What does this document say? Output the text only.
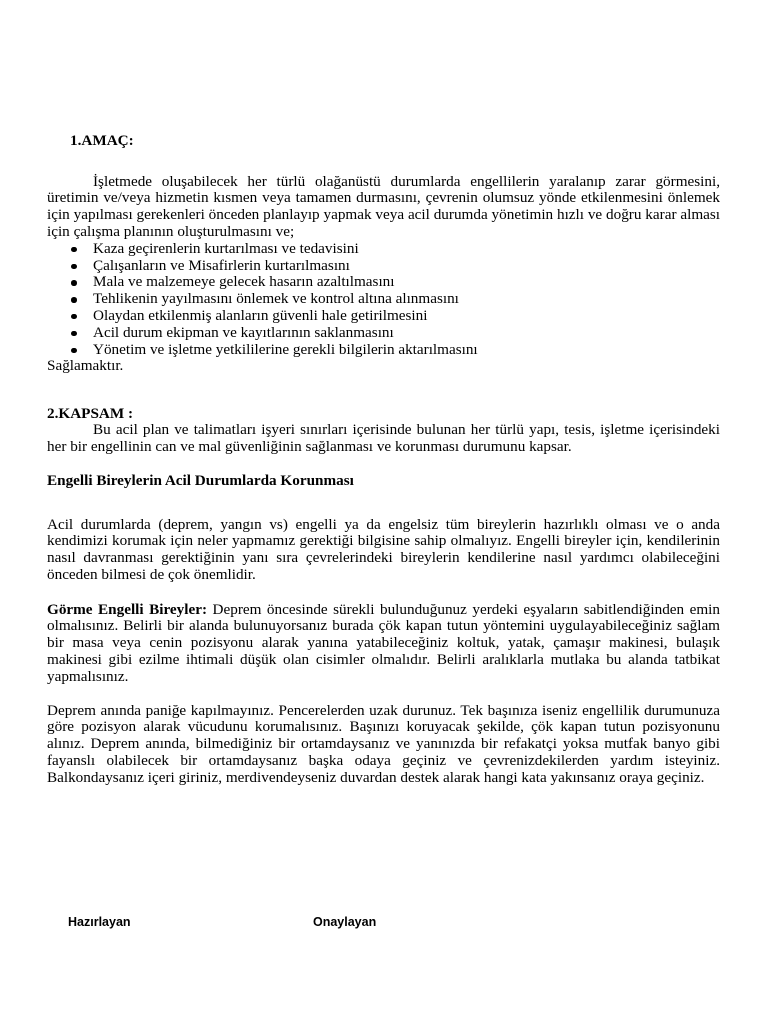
1.AMAÇ:

İşletmede oluşabilecek her türlü olağanüstü durumlarda engellilerin yaralanıp zarar görmesini, üretimin ve/veya hizmetin kısmen veya tamamen durmasını, çevrenin olumsuz yönde etkilenmesini önlemek için yapılması gerekenleri önceden planlayıp yapmak veya acil durumda yönetimin hızlı ve doğru karar alması için çalışma planının oluşturulmasını ve;

Kaza geçirenlerin kurtarılması ve tedavisini
Çalışanların ve Misafirlerin kurtarılmasını
Mala ve malzemeye gelecek hasarın azaltılmasını
Tehlikenin yayılmasını önlemek ve kontrol altına alınmasını
Olaydan etkilenmiş alanların güvenli hale getirilmesini
Acil durum ekipman ve kayıtlarının saklanmasını
Yönetim ve işletme yetkililerine gerekli bilgilerin aktarılmasını

Sağlamaktır.

2.KAPSAM :

Bu acil plan ve talimatları işyeri sınırları içerisinde bulunan her türlü yapı, tesis, işletme içerisindeki her bir engellinin can ve mal güvenliğinin sağlanması ve korunması durumunu kapsar.

Engelli Bireylerin Acil Durumlarda Korunması
Acil durumlarda (deprem, yangın vs) engelli ya da engelsiz tüm bireylerin hazırlıklı olması ve o anda kendimizi korumak için neler yapmamız gerektiği bilgisine sahip olmalıyız. Engelli bireyler için, kendilerinin nasıl davranması gerektiğinin yanı sıra çevrelerindeki bireylerin kendilerine nasıl yardımcı olabileceğini önceden bilmesi de çok önemlidir.
Görme Engelli Bireyler: Deprem öncesinde sürekli bulunduğunuz yerdeki eşyaların sabitlendiğinden emin olmalısınız. Belirli bir alanda bulunuyorsanız burada çök kapan tutun yöntemini uygulayabileceğiniz sağlam bir masa veya cenin pozisyonu alarak yanına yatabileceğiniz koltuk, yatak, çamaşır makinesi, bulaşık makinesi gibi ezilme ihtimali düşük olan cisimler olmalıdır. Belirli aralıklarla mutlaka bu alanda tatbikat yapmalısınız.
Deprem anında paniğe kapılmayınız. Pencerelerden uzak durunuz. Tek başınıza iseniz engellilik durumunuza göre pozisyon alarak vücudunu korumalısınız. Başınızı koruyacak şekilde, çök kapan tutun pozisyonunu alınız. Deprem anında, bilmediğiniz bir ortamdaysanız ve yanınızda bir refakatçi yoksa mutfak banyo gibi fayanslı olabilecek bir ortamdaysanız başka odaya geçiniz ve çevrenizdekilerden yardım isteyiniz. Balkondaysanız içeri giriniz, merdivendeyseniz duvardan destek alarak hangi kata yakınsanız oraya geçiniz.
Hazırlayan	Onaylayan
